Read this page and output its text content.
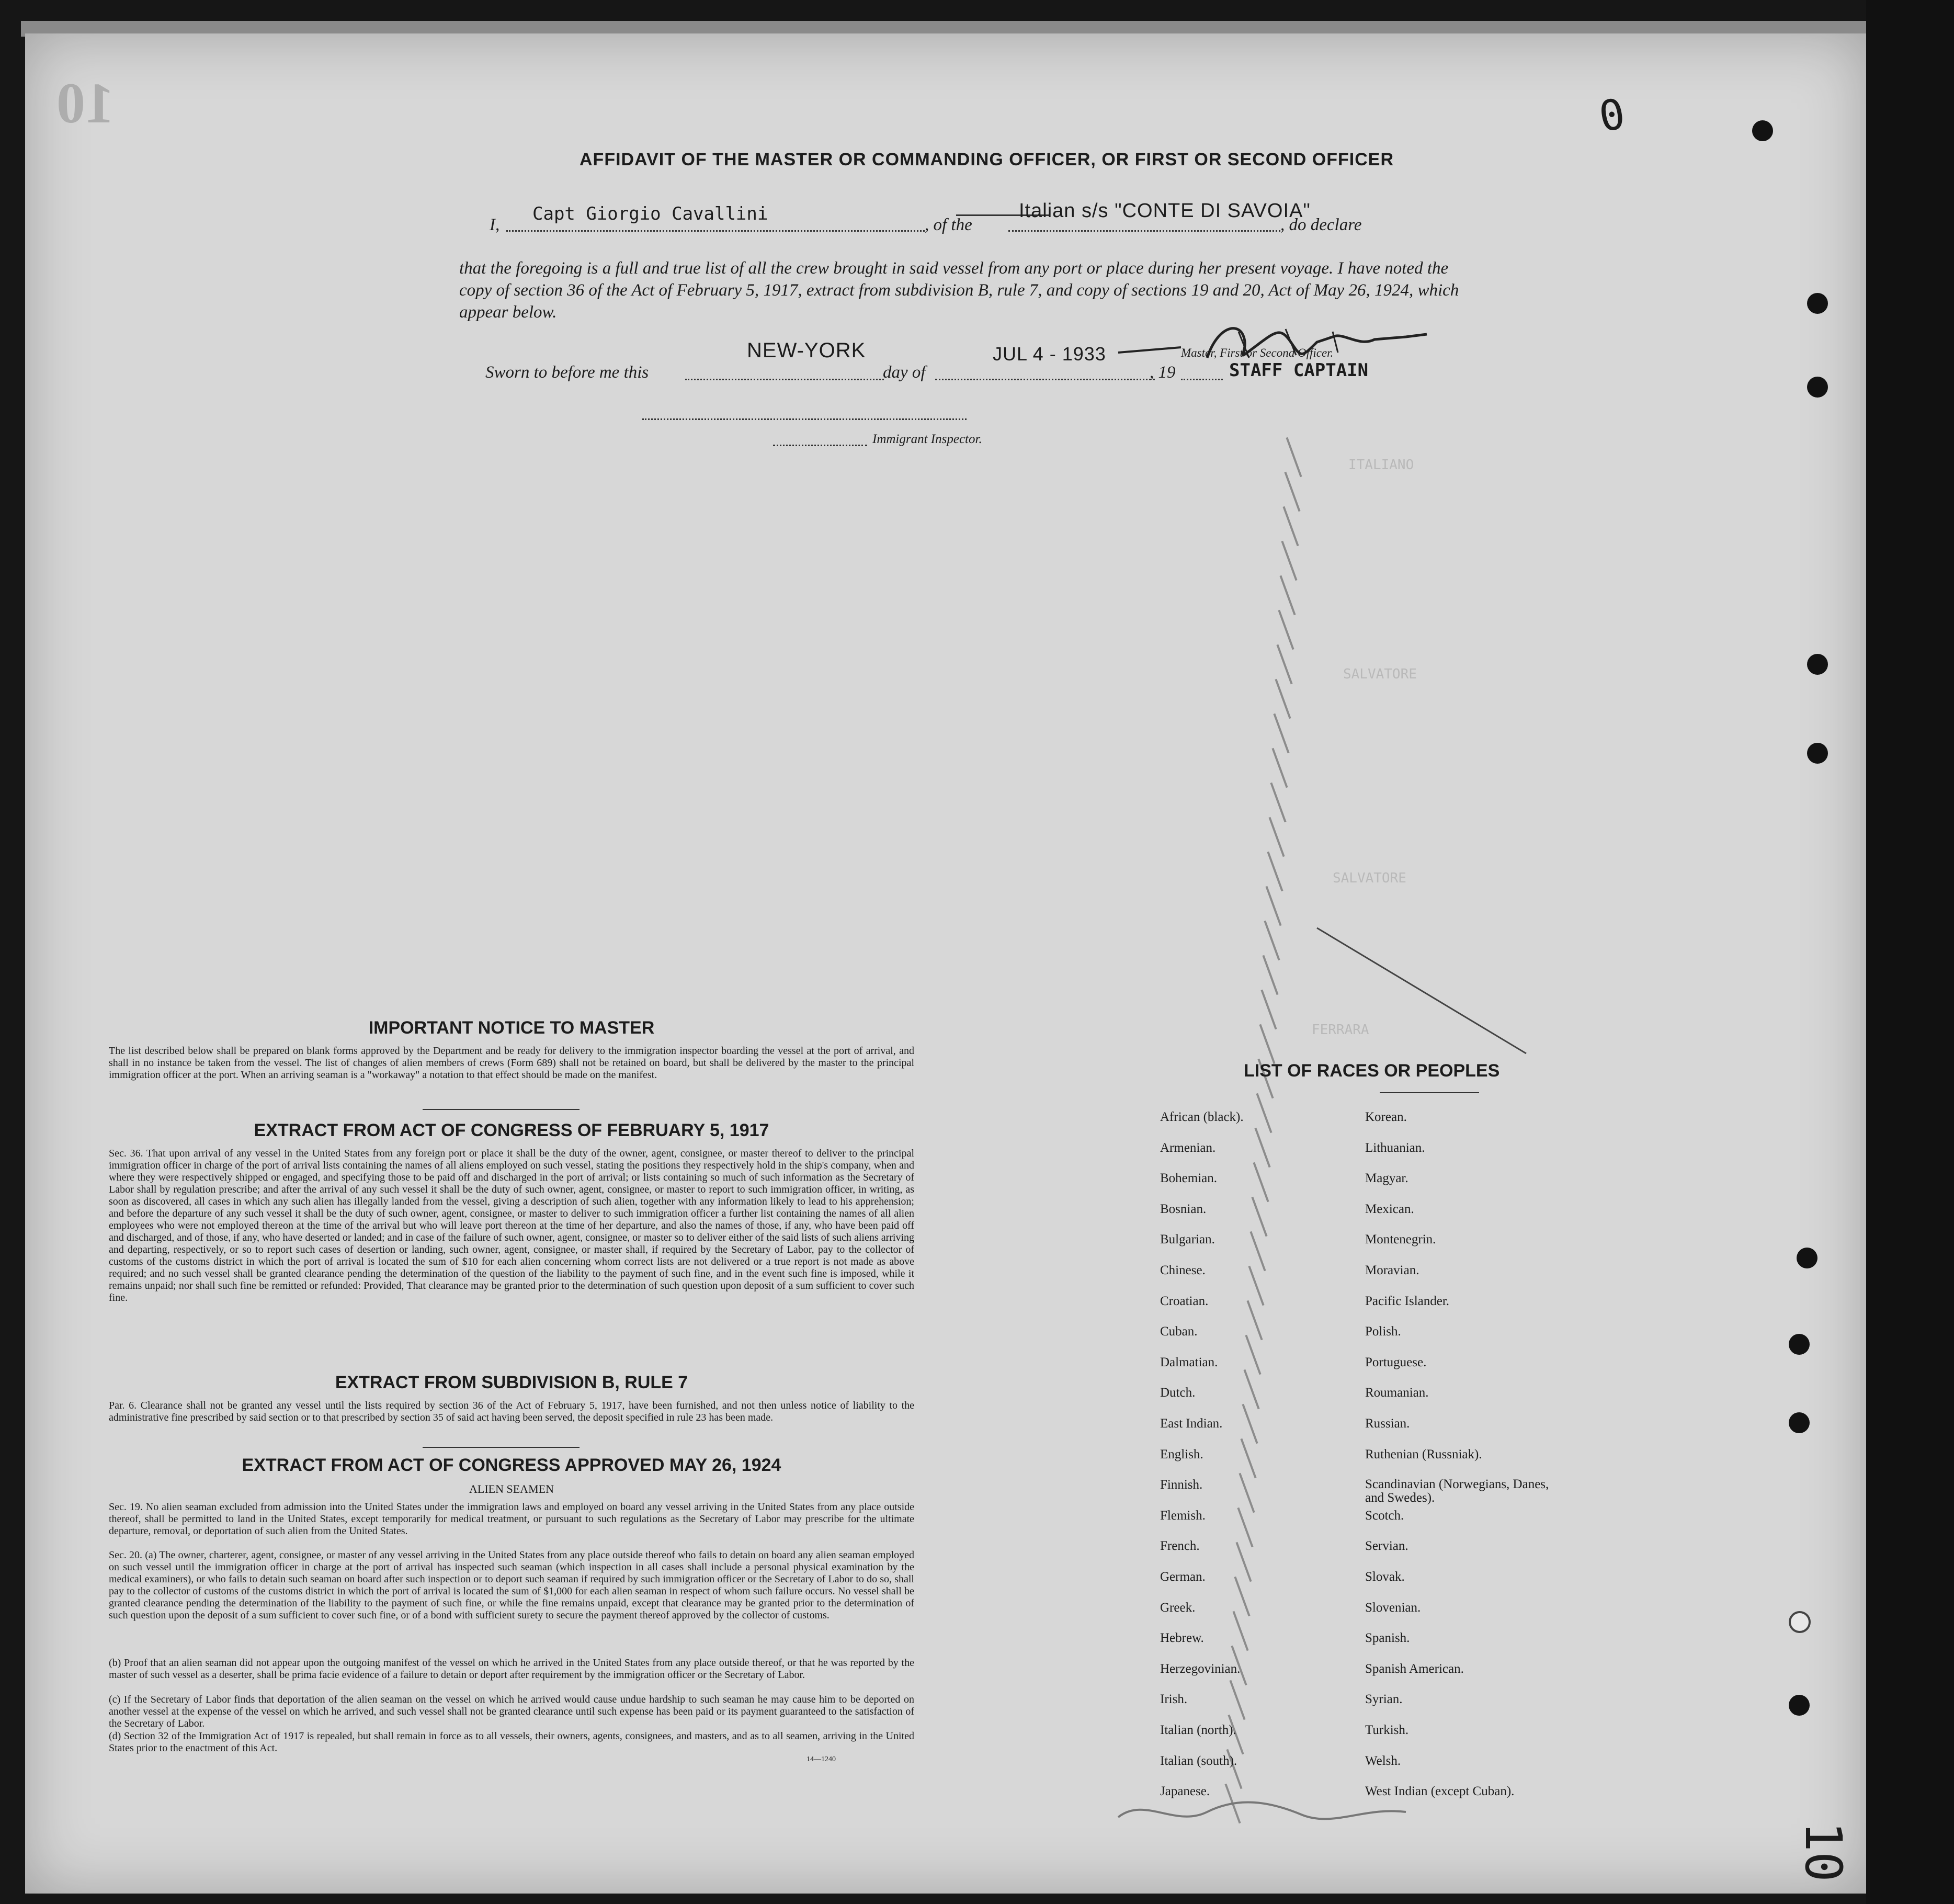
10
AFFIDAVIT OF THE MASTER OR COMMANDING OFFICER, OR FIRST OR SECOND OFFICER
I,
Capt Giorgio Cavallini
, of the
Italian s/s "CONTE DI SAVOIA"
, do declare
that the foregoing is a full and true list of all the crew brought in said vessel from any port or place during her present voyage. I have noted the copy of section 36 of the Act of February 5, 1917, extract from subdivision B, rule 7, and copy of sections 19 and 20, Act of May 26, 1924, which appear below.
Sworn to before me this
NEW-YORK
day of
JUL 4 - 1933
, 19
Master, First or Second Officer.
STAFF CAPTAIN
Immigrant Inspector.
ITALIANO
SALVATORE
SALVATORE
FERRARA
IMPORTANT NOTICE TO MASTER
The list described below shall be prepared on blank forms approved by the Department and be ready for delivery to the immigration inspector boarding the vessel at the port of arrival, and shall in no instance be taken from the vessel. The list of changes of alien members of crews (Form 689) shall not be retained on board, but shall be delivered by the master to the principal immigration officer at the port. When an arriving seaman is a "workaway" a notation to that effect should be made on the manifest.
EXTRACT FROM ACT OF CONGRESS OF FEBRUARY 5, 1917
Sec. 36. That upon arrival of any vessel in the United States from any foreign port or place it shall be the duty of the owner, agent, consignee, or master thereof to deliver to the principal immigration officer in charge of the port of arrival lists containing the names of all aliens employed on such vessel, stating the positions they respectively hold in the ship's company, when and where they were respectively shipped or engaged, and specifying those to be paid off and discharged in the port of arrival; or lists containing so much of such information as the Secretary of Labor shall by regulation prescribe; and after the arrival of any such vessel it shall be the duty of such owner, agent, consignee, or master to report to such immigration officer, in writing, as soon as discovered, all cases in which any such alien has illegally landed from the vessel, giving a description of such alien, together with any information likely to lead to his apprehension; and before the departure of any such vessel it shall be the duty of such owner, agent, consignee, or master to deliver to such immigration officer a further list containing the names of all alien employees who were not employed thereon at the time of the arrival but who will leave port thereon at the time of her departure, and also the names of those, if any, who have been paid off and discharged, and of those, if any, who have deserted or landed; and in case of the failure of such owner, agent, consignee, or master so to deliver either of the said lists of such aliens arriving and departing, respectively, or so to report such cases of desertion or landing, such owner, agent, consignee, or master shall, if required by the Secretary of Labor, pay to the collector of customs of the customs district in which the port of arrival is located the sum of $10 for each alien concerning whom correct lists are not delivered or a true report is not made as above required; and no such vessel shall be granted clearance pending the determination of the question of the liability to the payment of such fine, and in the event such fine is imposed, while it remains unpaid; nor shall such fine be remitted or refunded: Provided, That clearance may be granted prior to the determination of such question upon deposit of a sum sufficient to cover such fine.
EXTRACT FROM SUBDIVISION B, RULE 7
Par. 6. Clearance shall not be granted any vessel until the lists required by section 36 of the Act of February 5, 1917, have been furnished, and not then unless notice of liability to the administrative fine prescribed by said section or to that prescribed by section 35 of said act having been served, the deposit specified in rule 23 has been made.
EXTRACT FROM ACT OF CONGRESS APPROVED MAY 26, 1924
ALIEN SEAMEN
Sec. 19. No alien seaman excluded from admission into the United States under the immigration laws and employed on board any vessel arriving in the United States from any place outside thereof, shall be permitted to land in the United States, except temporarily for medical treatment, or pursuant to such regulations as the Secretary of Labor may prescribe for the ultimate departure, removal, or deportation of such alien from the United States.
Sec. 20. (a) The owner, charterer, agent, consignee, or master of any vessel arriving in the United States from any place outside thereof who fails to detain on board any alien seaman employed on such vessel until the immigration officer in charge at the port of arrival has inspected such seaman (which inspection in all cases shall include a personal physical examination by the medical examiners), or who fails to detain such seaman on board after such inspection or to deport such seaman if required by such immigration officer or the Secretary of Labor to do so, shall pay to the collector of customs of the customs district in which the port of arrival is located the sum of $1,000 for each alien seaman in respect of whom such failure occurs. No vessel shall be granted clearance pending the determination of the liability to the payment of such fine, or while the fine remains unpaid, except that clearance may be granted prior to the determination of such question upon the deposit of a sum sufficient to cover such fine, or of a bond with sufficient surety to secure the payment thereof approved by the collector of customs.
(b) Proof that an alien seaman did not appear upon the outgoing manifest of the vessel on which he arrived in the United States from any place outside thereof, or that he was reported by the master of such vessel as a deserter, shall be prima facie evidence of a failure to detain or deport after requirement by the immigration officer or the Secretary of Labor.
(c) If the Secretary of Labor finds that deportation of the alien seaman on the vessel on which he arrived would cause undue hardship to such seaman he may cause him to be deported on another vessel at the expense of the vessel on which he arrived, and such vessel shall not be granted clearance until such expense has been paid or its payment guaranteed to the satisfaction of the Secretary of Labor.
(d) Section 32 of the Immigration Act of 1917 is repealed, but shall remain in force as to all vessels, their owners, agents, consignees, and masters, and as to all seamen, arriving in the United States prior to the enactment of this Act.
14—1240
LIST OF RACES OR PEOPLES
African (black).
Armenian.
Bohemian.
Bosnian.
Bulgarian.
Chinese.
Croatian.
Cuban.
Dalmatian.
Dutch.
East Indian.
English.
Finnish.
Flemish.
French.
German.
Greek.
Hebrew.
Herzegovinian.
Irish.
Italian (north).
Italian (south).
Japanese.
Korean.
Lithuanian.
Magyar.
Mexican.
Montenegrin.
Moravian.
Pacific Islander.
Polish.
Portuguese.
Roumanian.
Russian.
Ruthenian (Russniak).
Scandinavian (Norwegians, Danes, and Swedes).
Scotch.
Servian.
Slovak.
Slovenian.
Spanish.
Spanish American.
Syrian.
Turkish.
Welsh.
West Indian (except Cuban).
0
10
